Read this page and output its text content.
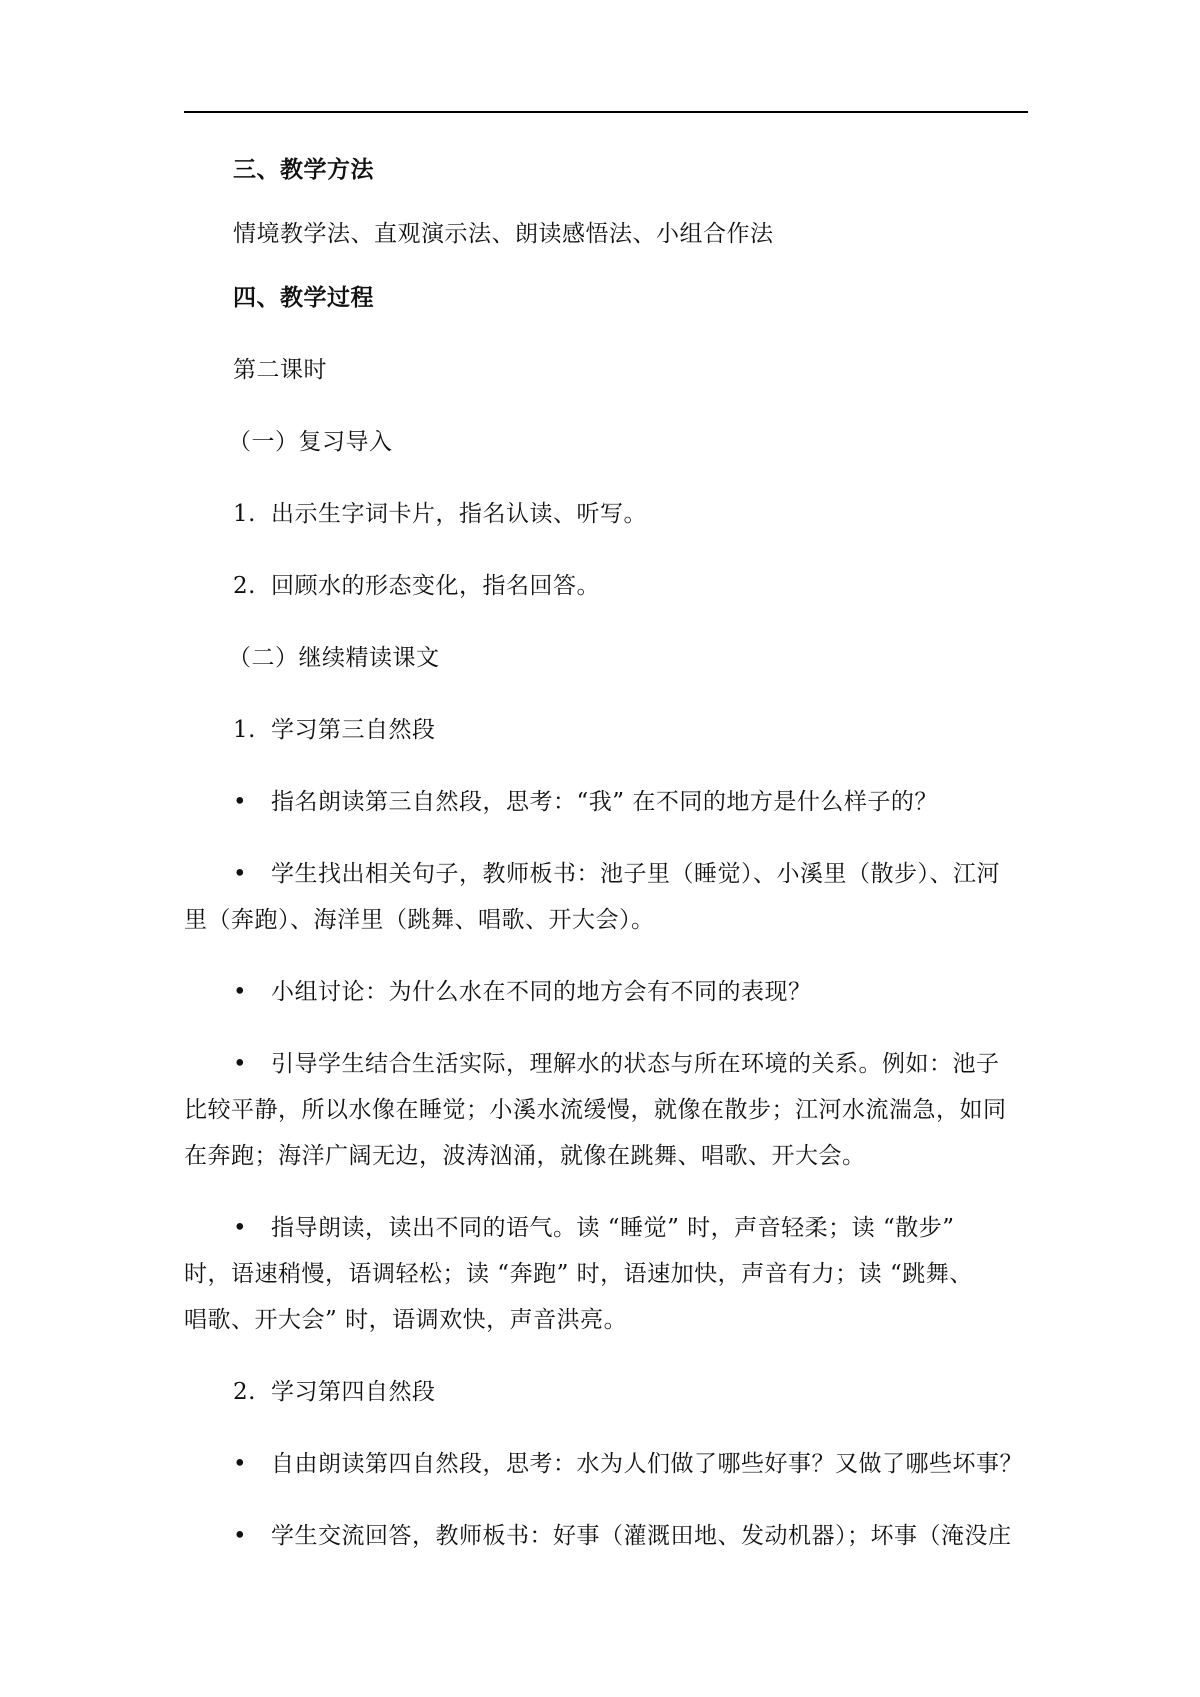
三、教学方法
情境教学法、直观演示法、朗读感悟法、小组合作法
四、教学过程
第二课时
（一）复习导入
1. 出示生字词卡片，指名认读、听写。
2. 回顾水的形态变化，指名回答。
（二）继续精读课文
1. 学习第三自然段
• 指名朗读第三自然段，思考：“我” 在不同的地方是什么样子的？
• 学生找出相关句子，教师板书：池子里（睡觉）、小溪里（散步）、江河
里（奔跑）、海洋里（跳舞、唱歌、开大会）。
• 小组讨论：为什么水在不同的地方会有不同的表现？
• 引导学生结合生活实际，理解水的状态与所在环境的关系。例如：池子
比较平静，所以水像在睡觉；小溪水流缓慢，就像在散步；江河水流湍急，如同
在奔跑；海洋广阔无边，波涛汹涌，就像在跳舞、唱歌、开大会。
• 指导朗读，读出不同的语气。读 “睡觉” 时，声音轻柔；读 “散步”
时，语速稍慢，语调轻松；读 “奔跑” 时，语速加快，声音有力；读 “跳舞、
唱歌、开大会” 时，语调欢快，声音洪亮。
2. 学习第四自然段
• 自由朗读第四自然段，思考：水为人们做了哪些好事？又做了哪些坏事？
• 学生交流回答，教师板书：好事（灌溉田地、发动机器）；坏事（淹没庄
